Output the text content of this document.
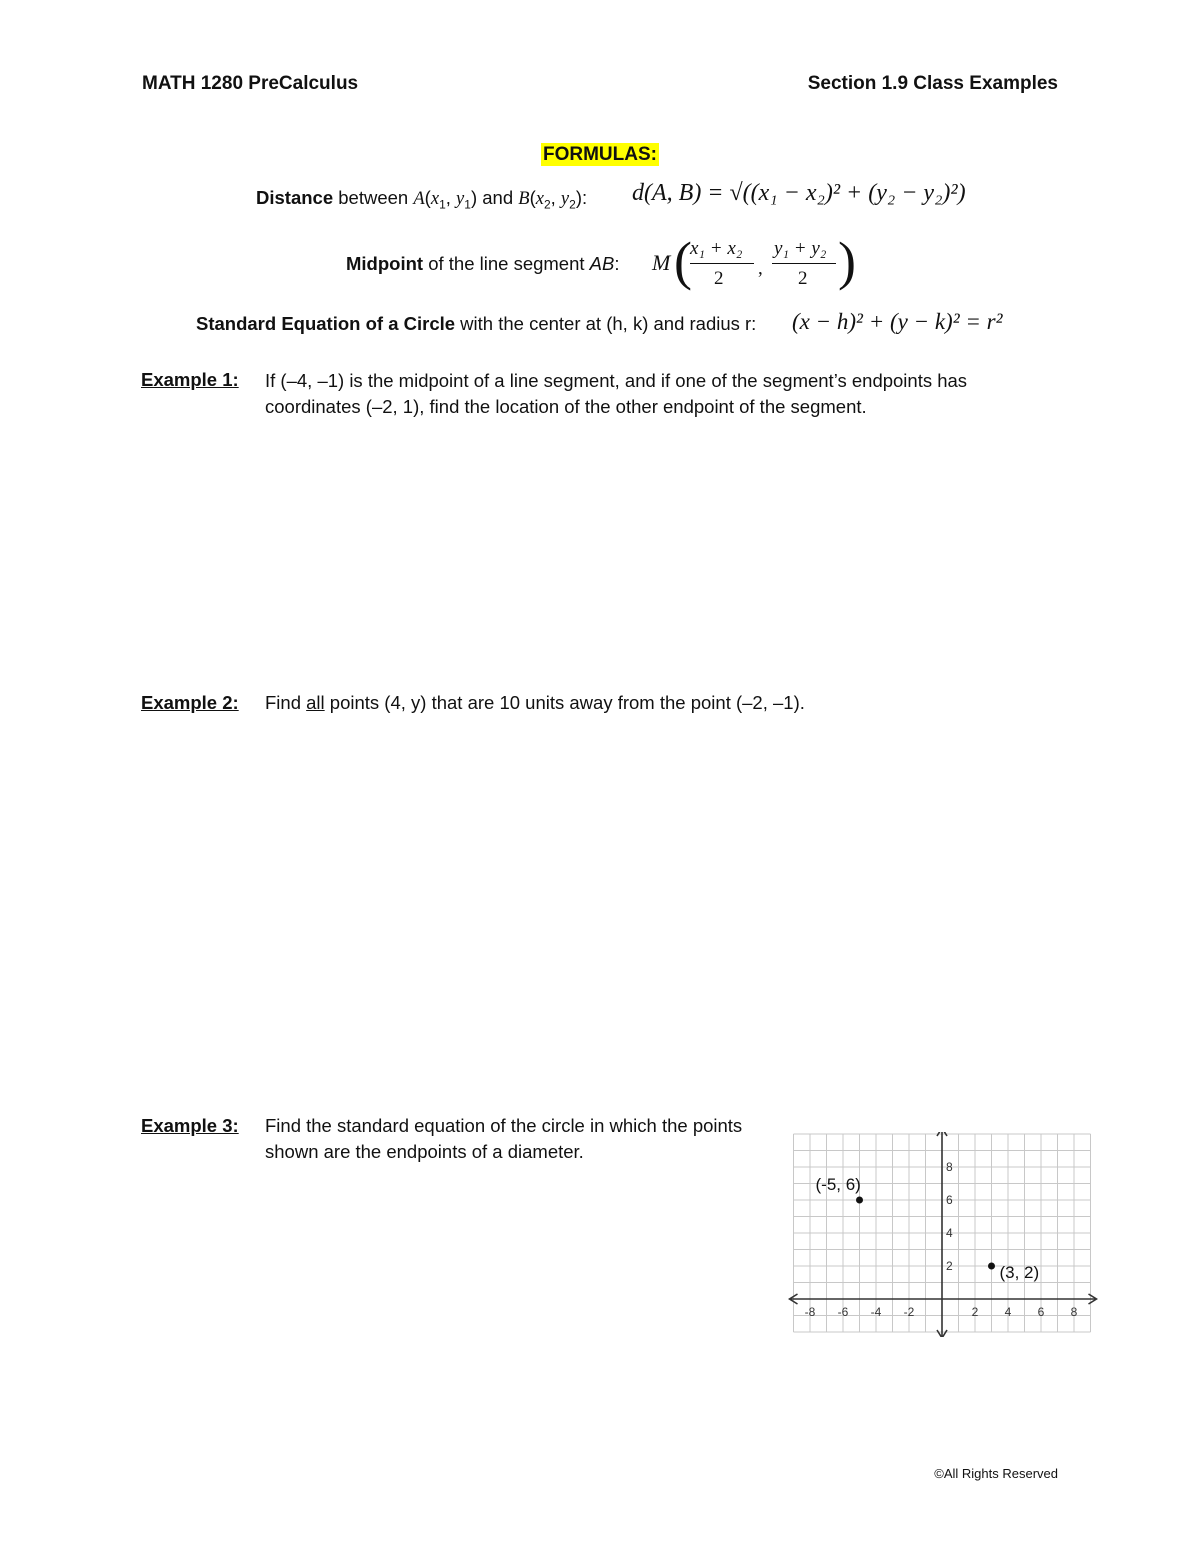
MATH 1280 PreCalculus	Section 1.9 Class Examples
FORMULAS:
Distance between $A(x_1$, $y_1$) and $B(x_2$, $y_2$): d(A, B) = √((x₁ − x₂)² + (y₂ − y₂)²)
Midpoint of the line segment AB: M (
x₁ + x₂
2 ,
y₁ + y₂
2 )
Standard Equation of a Circle with the center at (h, k) and radius r: (x − h)² + (y − k)² = r²
Example 1: If (–4, –1) is the midpoint of a line segment, and if one of the segment’s endpoints has
coordinates (–2, 1), find the location of the other endpoint of the segment.
Example 2: Find all points (4, y) that are 10 units away from the point (–2, –1).
Example 3: Find the standard equation of the circle in which the points
shown are the endpoints of a diameter.
-8 -6 -4 -2	2 4 6 8
2
4
6
8
(-5, 6)
(3, 2)
©All Rights Reserved
